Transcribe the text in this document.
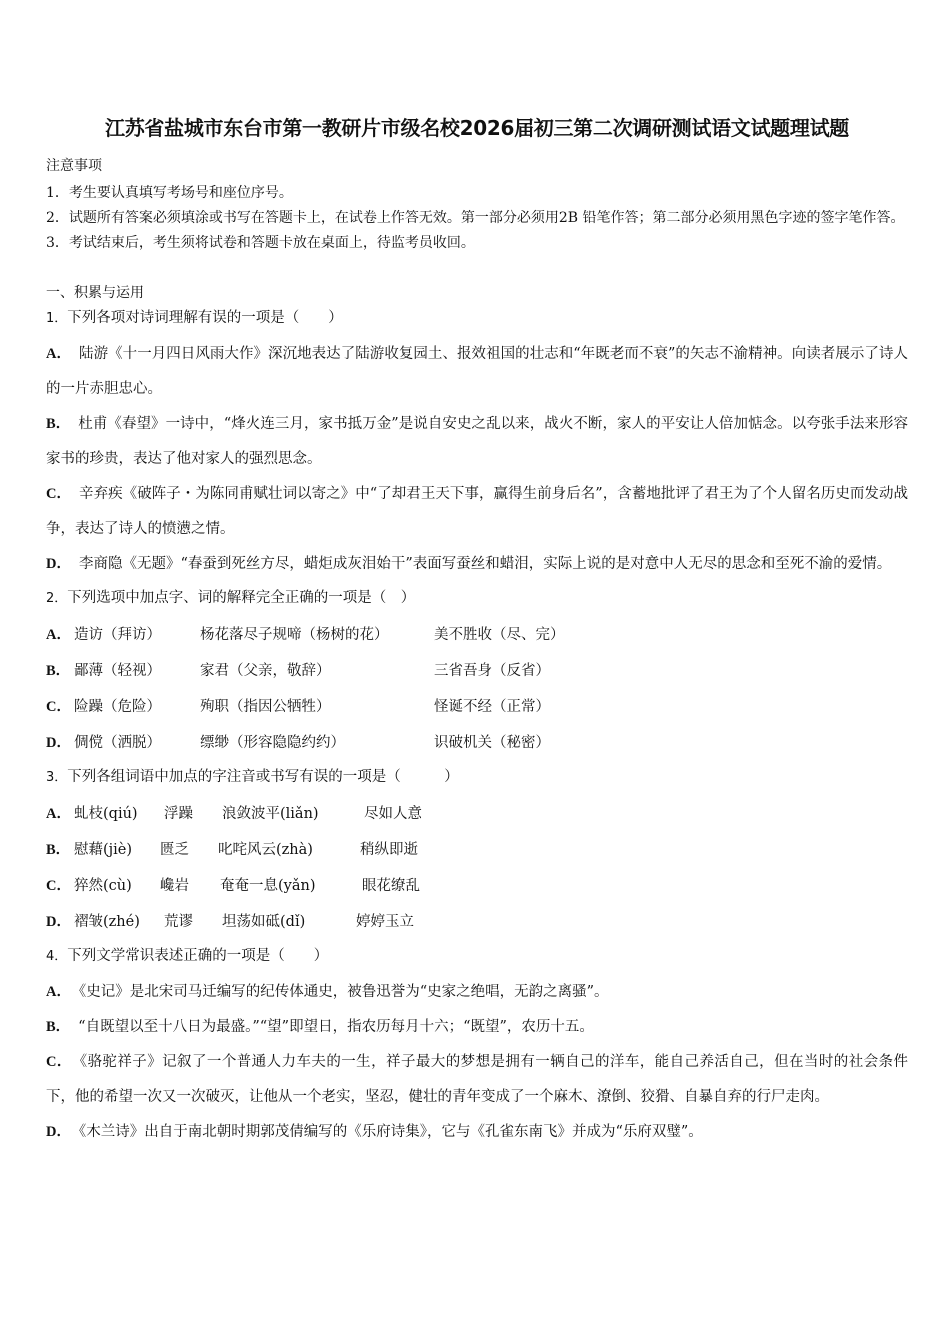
江苏省盐城市东台市第一教研片市级名校2026届初三第二次调研测试语文试题理试题
注意事项

1．考生要认真填写考场号和座位序号。

2．试题所有答案必须填涂或书写在答题卡上，在试卷上作答无效。第一部分必须用2B 铅笔作答；第二部分必须用黑色字迹的签字笔作答。

3．考试结束后，考生须将试卷和答题卡放在桌面上，待监考员收回。

一、积累与运用
1．下列各项对诗词理解有误的一项是（　　）

A． 陆游《十一月四日风雨大作》深沉地表达了陆游收复园土、报效祖国的壮志和“年既老而不衰”的矢志不渝精神。向读者展示了诗人的一片赤胆忠心。

B． 杜甫《春望》一诗中，“烽火连三月，家书抵万金”是说自安史之乱以来，战火不断，家人的平安让人倍加惦念。以夸张手法来形容家书的珍贵，表达了他对家人的强烈思念。

C． 辛弃疾《破阵子・为陈同甫赋壮词以寄之》中“了却君王天下事，赢得生前身后名”，含蓄地批评了君王为了个人留名历史而发动战争，表达了诗人的愤懑之情。

D． 李商隐《无题》“春蚕到死丝方尽，蜡炬成灰泪始干”表面写蚕丝和蜡泪，实际上说的是对意中人无尽的思念和至死不渝的爱情。

2．下列选项中加点字、词的解释完全正确的一项是（　）
A． 造访（拜访）	杨花落尽子规啼（杨树的花）	美不胜收（尽、完）
B． 鄙薄（轻视）	家君（父亲，敬辞）	三省吾身（反省）
C． 险躁（危险）	殉职（指因公牺牲）	怪诞不经（正常）
D． 倜傥（洒脱）	缥缈（形容隐隐约约）	识破机关（秘密）
3．下列各组词语中加点的字注音或书写有误的一项是（　　　）
A． 虬枝(qiú) 浮躁 浪敛波平(liǎn)	尽如人意
B． 慰藉(jiè) 匮乏 叱咤风云(zhà)	稍纵即逝
C． 猝然(cù) 巉岩 奄奄一息(yǎn)	眼花缭乱
D． 褶皱(zhé) 荒谬 坦荡如砥(dǐ)	婷婷玉立
4．下列文学常识表述正确的一项是（　　）

A． 《史记》是北宋司马迁编写的纪传体通史，被鲁迅誉为“史家之绝唱，无韵之离骚”。

B． “自既望以至十八日为最盛。”“望”即望日，指农历每月十六；“既望”，农历十五。

C． 《骆驼祥子》记叙了一个普通人力车夫的一生，祥子最大的梦想是拥有一辆自己的洋车，能自己养活自己，但在当时的社会条件下，他的希望一次又一次破灭，让他从一个老实，坚忍，健壮的青年变成了一个麻木、潦倒、狡猾、自暴自弃的行尸走肉。

D． 《木兰诗》出自于南北朝时期郭茂倩编写的《乐府诗集》，它与《孔雀东南飞》并成为“乐府双璧”。
